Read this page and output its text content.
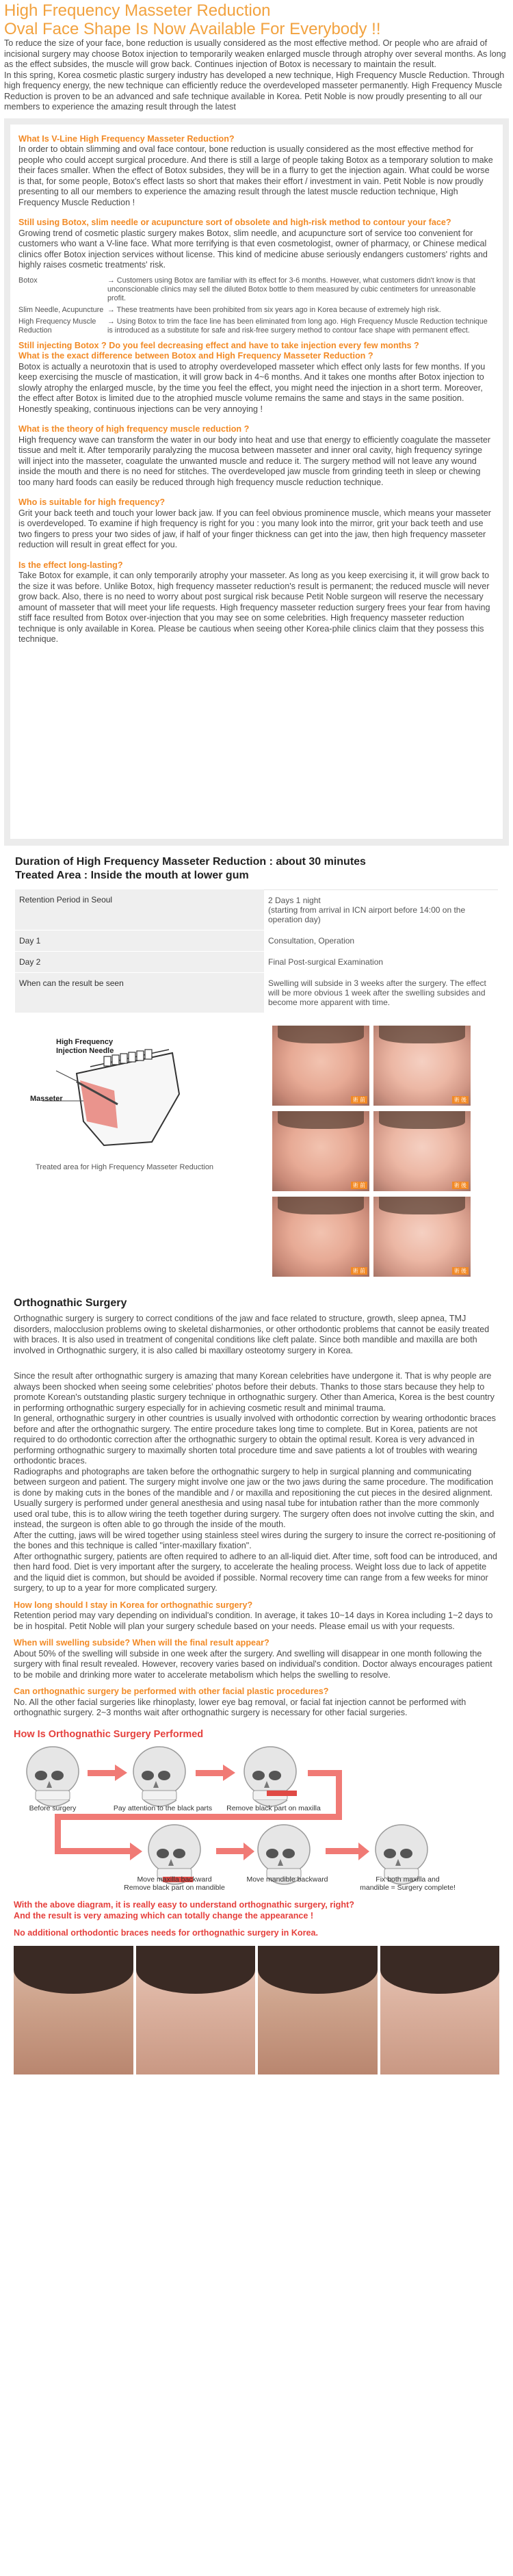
High Frequency Masseter Reduction
Oval Face Shape Is Now Available For Everybody !!

To reduce the size of your face, bone reduction is usually considered as the most effective method. Or people who are afraid of incisional surgery may choose Botox injection to temporarily weaken enlarged muscle through atrophy over several months. As long as the effect subsides, the muscle will grow back. Continues injection of Botox is necessary to maintain the result.

In this spring, Korea cosmetic plastic surgery industry has developed a new technique, High Frequency Muscle Reduction. Through high frequency energy, the new technique can efficiently reduce the overdeveloped masseter permanently. High Frequency Muscle Reduction is proven to be an advanced and safe technique available in Korea. Petit Noble is now proudly presenting to all our members to experience the amazing result through the latest

What Is V-Line High Frequency Masseter Reduction?

In order to obtain slimming and oval face contour, bone reduction is usually considered as the most effective method for people who could accept surgical procedure. And there is still a large of people taking Botox as a temporary solution to make their faces smaller. When the effect of Botox subsides, they will be in a flurry to get the injection again. What could be worse is that, for some people, Botox's effect lasts so short that makes their effort / investment in vain. Petit Noble is now proudly presenting to all our members to experience the amazing result through the latest muscle reduction technique, High Frequency Muscle Reduction !

Still using Botox, slim needle or acupuncture sort of obsolete and high-risk method to contour your face?

Growing trend of cosmetic plastic surgery makes Botox, slim needle, and acupuncture sort of service too convenient for customers who want a V-line face. What more terrifying is that even cosmetologist, owner of pharmacy, or Chinese medical clinics offer Botox injection services without license. This kind of medicine abuse seriously endangers customers' rights and highly raises cosmetic treatments' risk.

Botox	→ Customers using Botox are familiar with its effect for 3-6 months. However, what customers didn't know is that unconscionable clinics may sell the diluted Botox bottle to them measured by cubic centimeters for unreasonable profit.
Slim Needle, Acupuncture → These treatments have been prohibited from six years ago in Korea because of extremely high risk.
High Frequency Muscle Reduction
→ Using Botox to trim the face line has been eliminated from long ago. High Frequency Muscle Reduction technique is introduced as a substitute for safe and risk-free surgery method to contour face shape with permanent effect.
Still injecting Botox ? Do you feel decreasing effect and have to take injection every few months ?
What is the exact difference between Botox and High Frequency Masseter Reduction ?

Botox is actually a neurotoxin that is used to atrophy overdeveloped masseter which effect only lasts for few months. If you keep exercising the muscle of mastication, it will grow back in 4~6 months. And it takes one months after Botox injection to slowly atrophy the enlarged muscle, by the time you feel the effect, you might need the injection in a short term. Moreover, the effect after Botox is limited due to the atrophied muscle volume remains the same and stays in the same position. Honestly speaking, continuous injections can be very annoying !

What is the theory of high frequency muscle reduction ?

High frequency wave can transform the water in our body into heat and use that energy to efficiently coagulate the masseter tissue and melt it. After temporarily paralyzing the mucosa between masseter and inner oral cavity, high frequency syringe will inject into the masseter, coagulate the unwanted muscle and reduce it. The surgery method will not leave any wound inside the mouth and there is no need for stitches. The overdeveloped jaw muscle from grinding teeth in sleep or chewing too many hard foods can easily be reduced through high frequency muscle reduction technique.

Who is suitable for high frequency?

Grit your back teeth and touch your lower back jaw. If you can feel obvious prominence muscle, which means your masseter is overdeveloped. To examine if high frequency is right for you : you many look into the mirror, grit your back teeth and use two fingers to press your two sides of jaw, if half of your finger thickness can get into the jaw, then high frequency masseter reduction will result in great effect for you.

Is the effect long-lasting?

Take Botox for example, it can only temporarily atrophy your masseter. As long as you keep exercising it, it will grow back to the size it was before. Unlike Botox, high frequency masseter reduction's result is permanent; the reduced muscle will never grow back. Also, there is no need to worry about post surgical risk because Petit Noble surgeon will reserve the necessary amount of masseter that will meet your life requests. High frequency masseter reduction surgery frees your fear from having stiff face resulted from Botox over-injection that you may see on some celebrities. High frequency masseter reduction technique is only available in Korea. Please be cautious when seeing other Korea-phile clinics claim that they possess this technique.

Duration of High Frequency Masseter Reduction : about 30 minutes
Treated Area : Inside the mouth at lower gum
Retention Period in Seoul	2 Days 1 night
(starting from arrival in ICN airport before 14:00 on the operation day)
Day 1	Consultation, Operation
Day 2	Final Post-surgical Examination
When can the result be seen	Swelling will subside in 3 weeks after the surgery. The effect will be more obvious 1 week after the swelling subsides and become more apparent with time.
High Frequency Injection Needle
Masseter
Treated area for High Frequency Masseter Reduction
術 前	術 後
術 前	術 後
術 前	術 後
Orthognathic Surgery

Orthognathic surgery is surgery to correct conditions of the jaw and face related to structure, growth, sleep apnea, TMJ disorders, malocclusion problems owing to skeletal disharmonies, or other orthodontic problems that cannot be easily treated with braces. It is also used in treatment of congenital conditions like cleft palate. Since both mandible and maxilla are both involved in Orthognathic surgery, it is also called bi maxillary osteotomy surgery in Korea.

Since the result after orthognathic surgery is amazing that many Korean celebrities have undergone it. That is why people are always been shocked when seeing some celebrities' photos before their debuts. Thanks to those stars because they help to promote Korean's outstanding plastic surgery technique in orthognathic surgery. Other than America, Korea is the best country in performing orthognathic surgery especially for in achieving cosmetic result and minimal trauma.

In general, orthognathic surgery in other countries is usually involved with orthodontic correction by wearing orthodontic braces before and after the orthognathic surgery. The entire procedure takes long time to complete. But in Korea, patients are not required to do orthodontic correction after the orthognathic surgery to obtain the optimal result. Korea is very advanced in performing orthognathic surgery to maximally shorten total procedure time and save patients a lot of troubles with wearing orthodontic braces.

Radiographs and photographs are taken before the orthognathic surgery to help in surgical planning and communicating between surgeon and patient. The surgery might involve one jaw or the two jaws during the same procedure. The modification is done by making cuts in the bones of the mandible and / or maxilla and repositioning the cut pieces in the desired alignment. Usually surgery is performed under general anesthesia and using nasal tube for intubation rather than the more commonly used oral tube, this is to allow wiring the teeth together during surgery. The surgery often does not involve cutting the skin, and instead, the surgeon is often able to go through the inside of the mouth.

After the cutting, jaws will be wired together using stainless steel wires during the surgery to insure the correct re-positioning of the bones and this technique is called "inter-maxillary fixation".

After orthognathic surgery, patients are often required to adhere to an all-liquid diet. After time, soft food can be introduced, and then hard food. Diet is very important after the surgery, to accelerate the healing process. Weight loss due to lack of appetite and the liquid diet is common, but should be avoided if possible. Normal recovery time can range from a few weeks for minor surgery, to up to a year for more complicated surgery.

How long should I stay in Korea for orthognathic surgery?

Retention period may vary depending on individual's condition. In average, it takes 10~14 days in Korea including 1~2 days to be in hospital. Petit Noble will plan your surgery schedule based on your needs. Please email us with your requests.

When will swelling subside? When will the final result appear?

About 50% of the swelling will subside in one week after the surgery. And swelling will disappear in one month following the surgery with final result revealed. However, recovery varies based on individual's condition. Doctor always encourages patient to be mobile and drinking more water to accelerate metabolism which helps the swelling to resolve.

Can orthognathic surgery be performed with other facial plastic procedures?

No. All the other facial surgeries like rhinoplasty, lower eye bag removal, or facial fat injection cannot be performed with orthognathic surgery. 2~3 months wait after orthognathic surgery is necessary for other facial surgeries.

How Is Orthognathic Surgery Performed
Before surgery	Pay attention to the black parts	Remove black part on maxilla
Move maxilla backward
Remove black part on mandible
Move mandible backward	Fix both maxilla and
mandible = Surgery complete!

With the above diagram, it is really easy to understand orthognathic surgery, right?

And the result is very amazing which can totally change the appearance !

No additional orthodontic braces needs for orthognathic surgery in Korea.
